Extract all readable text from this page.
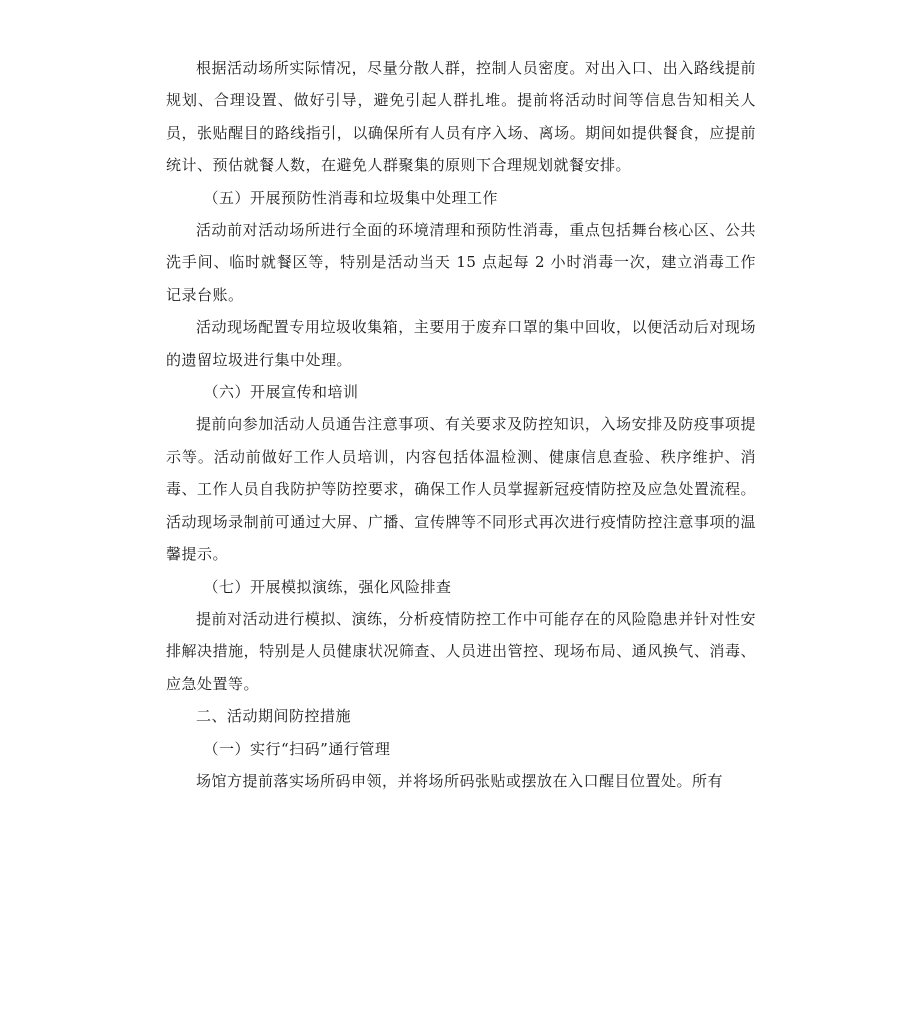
根据活动场所实际情况，尽量分散人群，控制人员密度。对出入口、出入路线提前规划、合理设置、做好引导，避免引起人群扎堆。提前将活动时间等信息告知相关人员，张贴醒目的路线指引，以确保所有人员有序入场、离场。期间如提供餐食，应提前统计、预估就餐人数，在避免人群聚集的原则下合理规划就餐安排。

（五）开展预防性消毒和垃圾集中处理工作

活动前对活动场所进行全面的环境清理和预防性消毒，重点包括舞台核心区、公共洗手间、临时就餐区等，特别是活动当天 15 点起每 2 小时消毒一次，建立消毒工作记录台账。

活动现场配置专用垃圾收集箱，主要用于废弃口罩的集中回收，以便活动后对现场的遗留垃圾进行集中处理。

（六）开展宣传和培训

提前向参加活动人员通告注意事项、有关要求及防控知识，入场安排及防疫事项提示等。活动前做好工作人员培训，内容包括体温检测、健康信息查验、秩序维护、消毒、工作人员自我防护等防控要求，确保工作人员掌握新冠疫情防控及应急处置流程。活动现场录制前可通过大屏、广播、宣传牌等不同形式再次进行疫情防控注意事项的温馨提示。

（七）开展模拟演练，强化风险排查

提前对活动进行模拟、演练，分析疫情防控工作中可能存在的风险隐患并针对性安排解决措施，特别是人员健康状况筛查、人员进出管控、现场布局、通风换气、消毒、应急处置等。

二、活动期间防控措施

（一）实行“扫码”通行管理

场馆方提前落实场所码申领，并将场所码张贴或摆放在入口醒目位置处。所有
